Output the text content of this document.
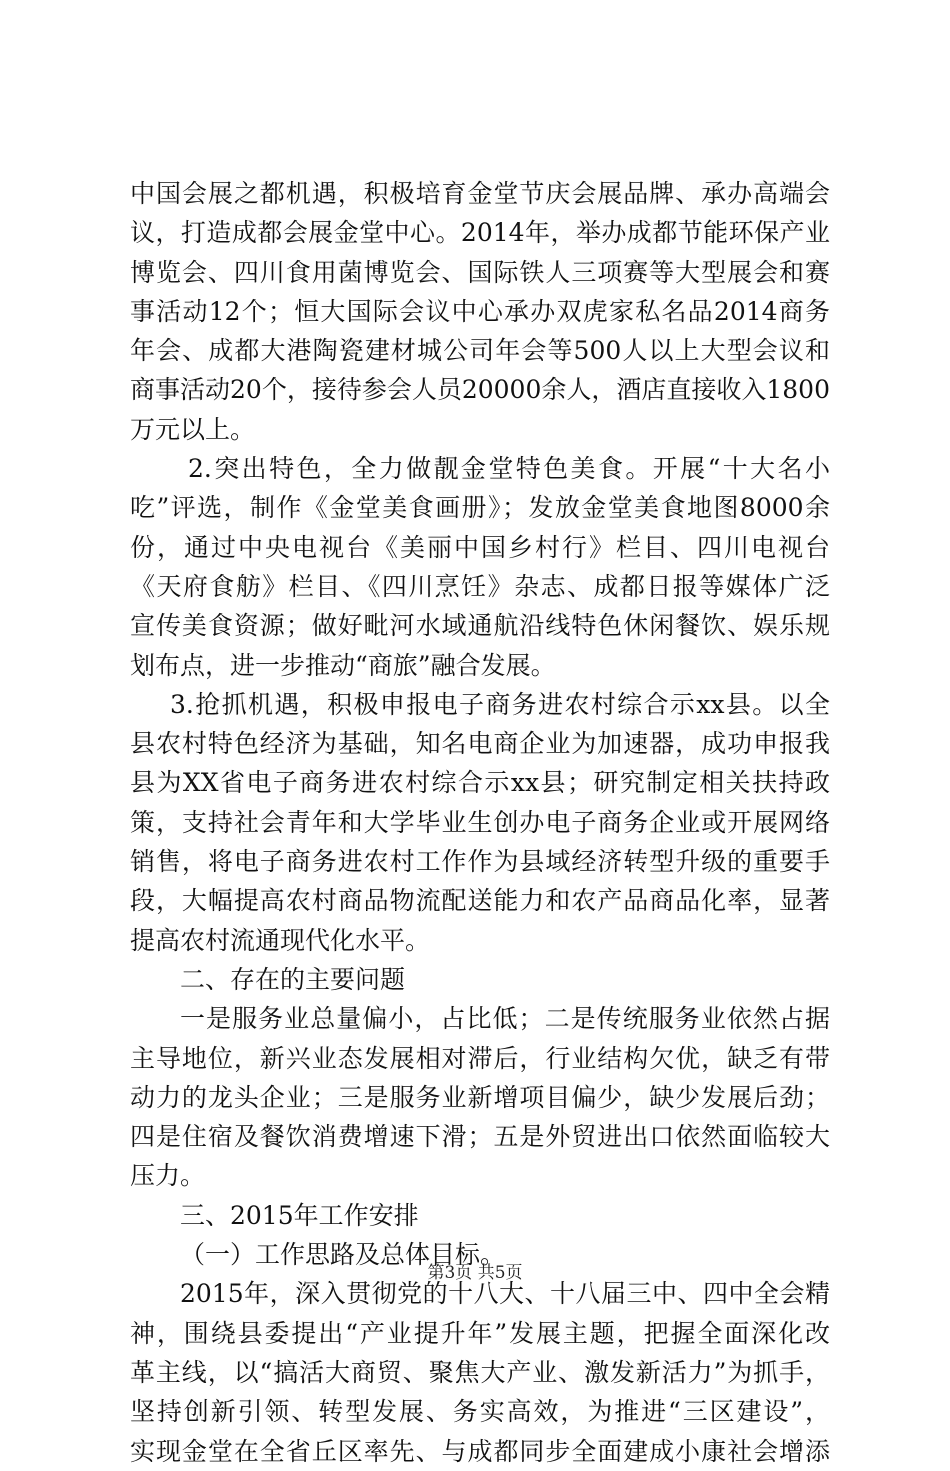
中国会展之都机遇，积极培育金堂节庆会展品牌、承办高端会
议，打造成都会展金堂中心。2014年，举办成都节能环保产业
博览会、四川食用菌博览会、国际铁人三项赛等大型展会和赛
事活动12个；恒大国际会议中心承办双虎家私名品2014商务
年会、成都大港陶瓷建材城公司年会等500人以上大型会议和
商事活动20个，接待参会人员20000余人，酒店直接收入1800
万元以上。
2.突出特色，全力做靓金堂特色美食。开展“十大名小
吃”评选，制作《金堂美食画册》；发放金堂美食地图8000余
份，通过中央电视台《美丽中国乡村行》栏目、四川电视台
《天府食舫》栏目、《四川烹饪》杂志、成都日报等媒体广泛
宣传美食资源；做好毗河水域通航沿线特色休闲餐饮、娱乐规
划布点，进一步推动“商旅”融合发展。
3.抢抓机遇，积极申报电子商务进农村综合示xx县。以全
县农村特色经济为基础，知名电商企业为加速器，成功申报我
县为XX省电子商务进农村综合示xx县；研究制定相关扶持政
策，支持社会青年和大学毕业生创办电子商务企业或开展网络
销售，将电子商务进农村工作作为县域经济转型升级的重要手
段，大幅提高农村商品物流配送能力和农产品商品化率，显著
提高农村流通现代化水平。
二、存在的主要问题
一是服务业总量偏小，占比低；二是传统服务业依然占据
主导地位，新兴业态发展相对滞后，行业结构欠优，缺乏有带
动力的龙头企业；三是服务业新增项目偏少，缺少发展后劲；
四是住宿及餐饮消费增速下滑；五是外贸进出口依然面临较大
压力。
三、2015年工作安排
（一）工作思路及总体目标。
2015年，深入贯彻党的十八大、十八届三中、四中全会精
神，围绕县委提出“产业提升年”发展主题，把握全面深化改
革主线，以“搞活大商贸、聚焦大产业、激发新活力”为抓手，
坚持创新引领、转型发展、务实高效，为推进“三区建设”，
实现金堂在全省丘区率先、与成都同步全面建成小康社会增添
第3页 共5页
